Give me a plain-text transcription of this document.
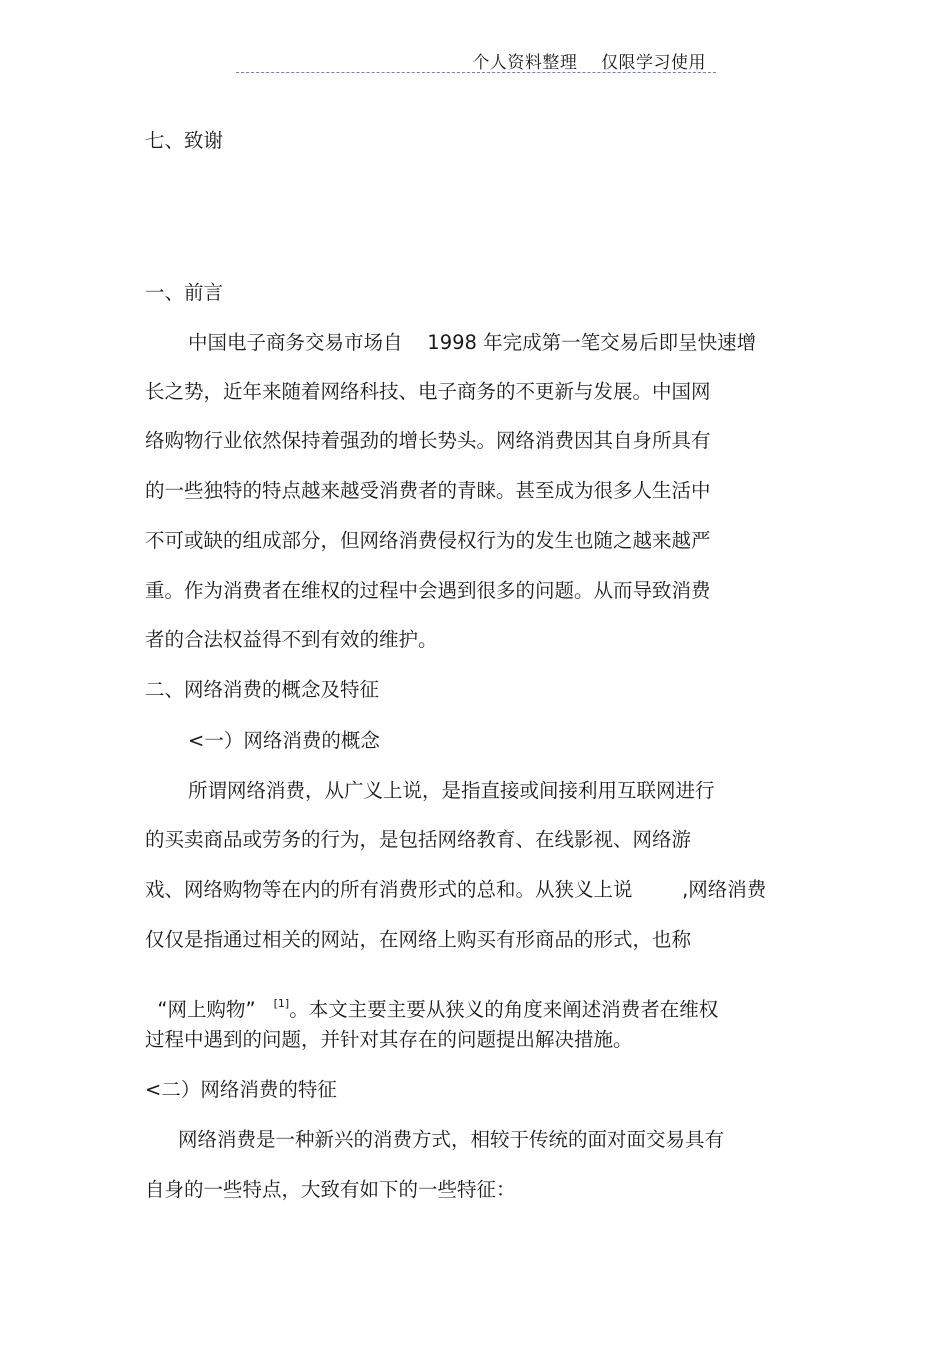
个人资料整理    仅限学习使用
七、致谢
一、前言
中国电子商务交易市场自    1998 年完成第一笔交易后即呈快速增
长之势，近年来随着网络科技、电子商务的不更新与发展。中国网
络购物行业依然保持着强劲的增长势头。网络消费因其自身所具有
的一些独特的特点越来越受消费者的青睐。甚至成为很多人生活中
不可或缺的组成部分，但网络消费侵权行为的发生也随之越来越严
重。作为消费者在维权的过程中会遇到很多的问题。从而导致消费
者的合法权益得不到有效的维护。
二、网络消费的概念及特征
<一）网络消费的概念
所谓网络消费，从广义上说，是指直接或间接利用互联网进行
的买卖商品或劳务的行为，是包括网络教育、在线影视、网络游
戏、网络购物等在内的所有消费形式的总和。从狭义上说        ,网络消费
仅仅是指通过相关的网站，在网络上购买有形商品的形式，也称

“网上购物” [1]。本文主要主要从狭义的角度来阐述消费者在维权

过程中遇到的问题，并针对其存在的问题提出解决措施。
<二）网络消费的特征
网络消费是一种新兴的消费方式，相较于传统的面对面交易具有
自身的一些特点，大致有如下的一些特征：
